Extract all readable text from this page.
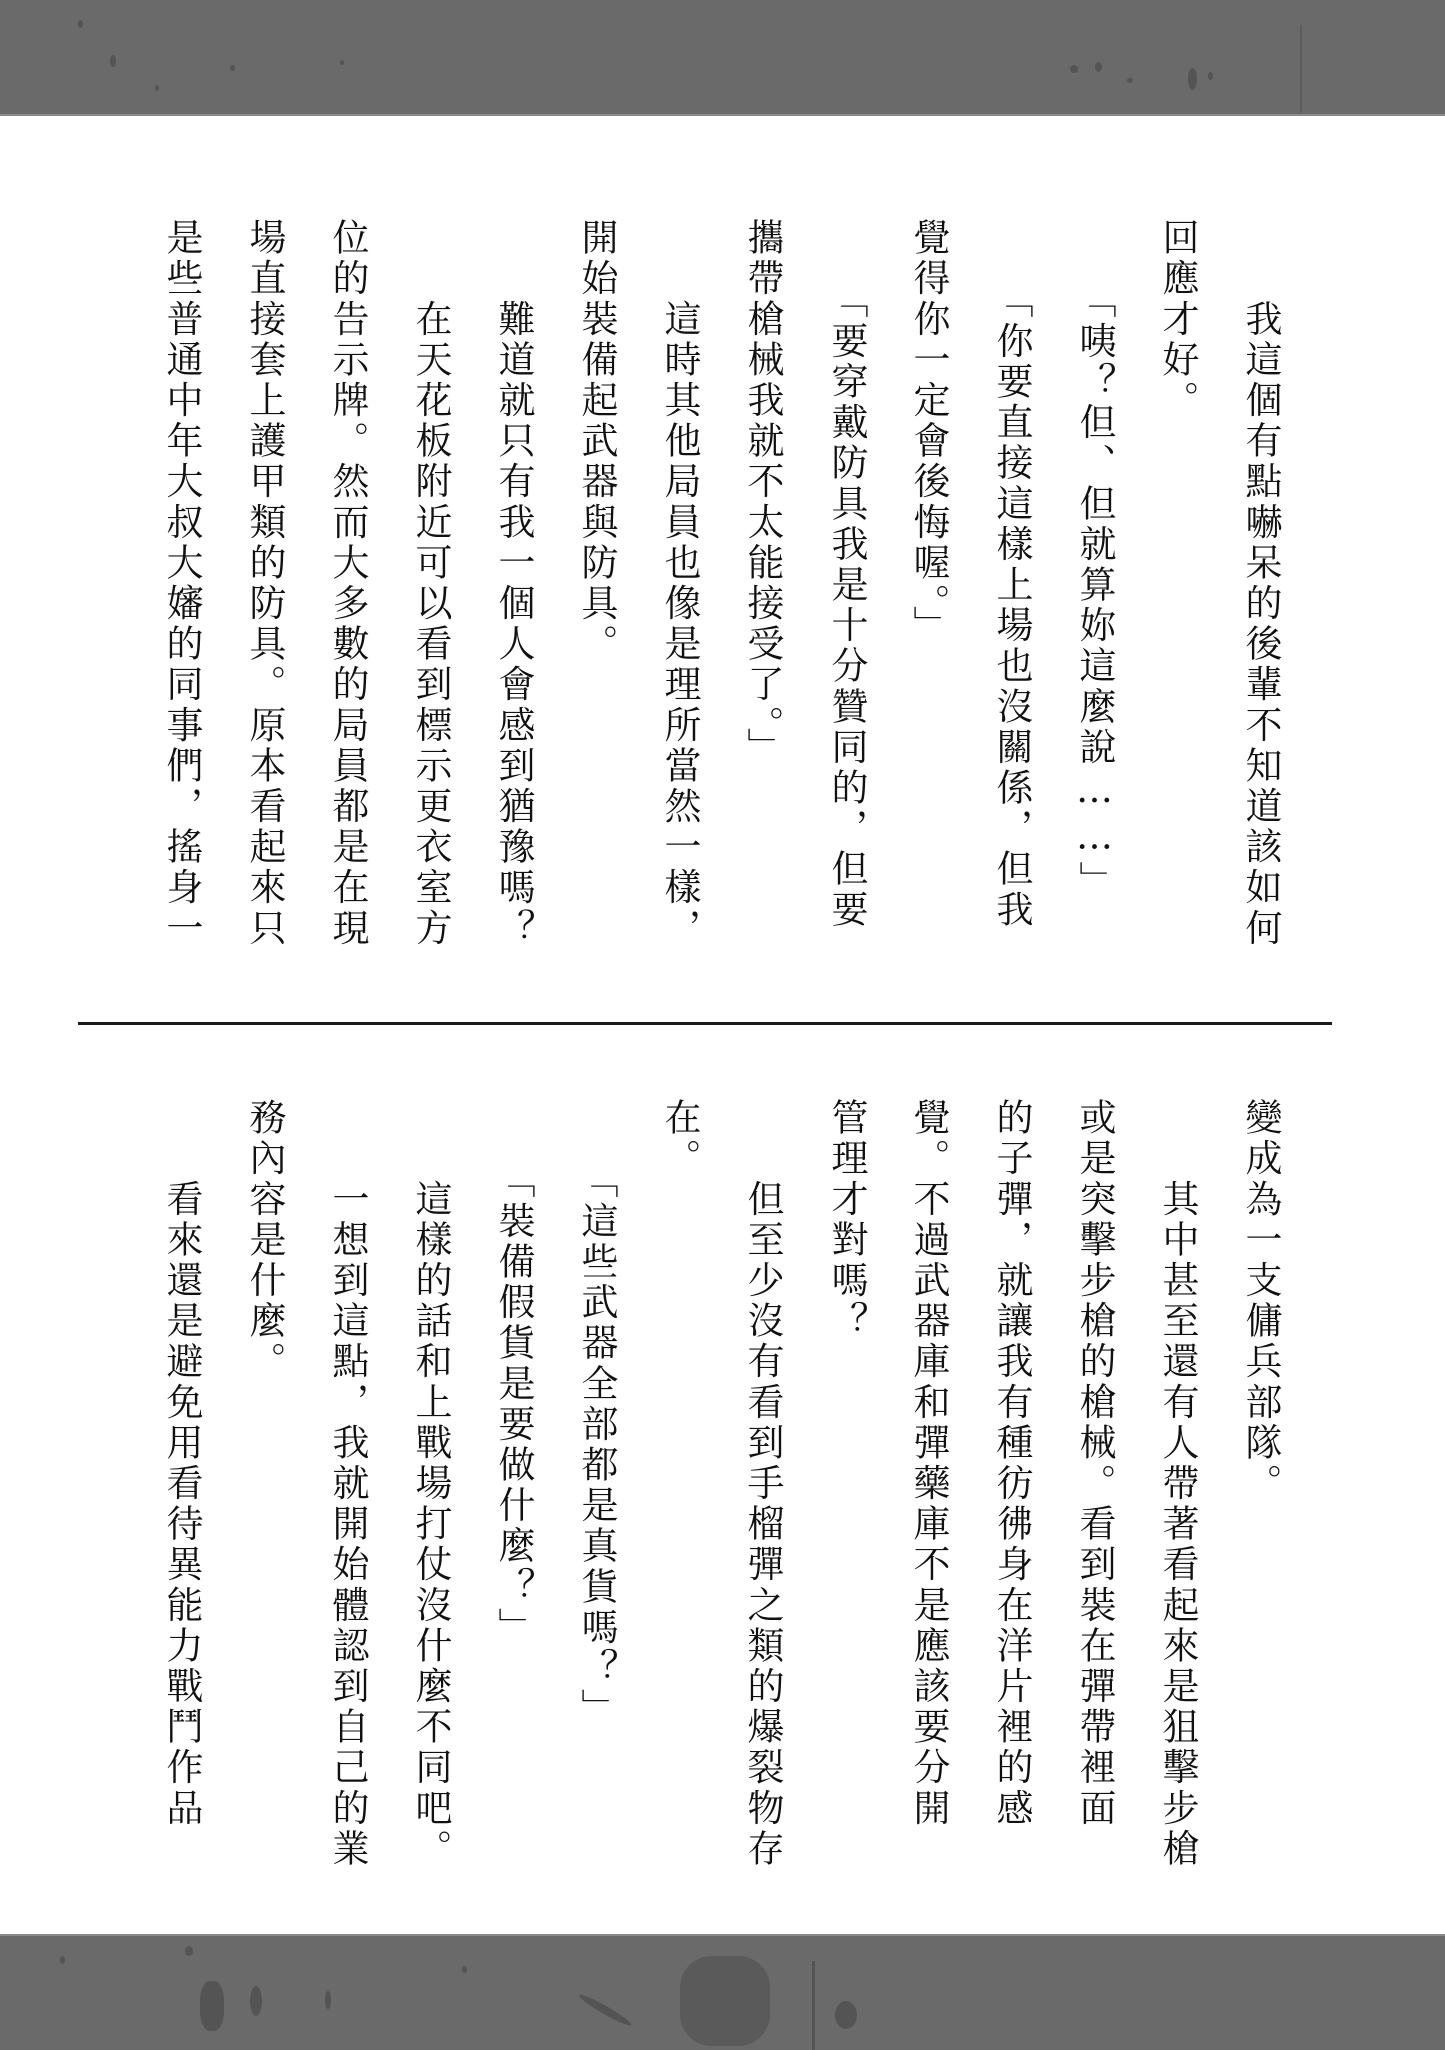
　　我這個有點嚇呆的後輩不知道該如何
回應才好。
　　「咦？但、但就算妳這麼說……」
　　「你要直接這樣上場也沒關係，但我
覺得你一定會後悔喔。」
　　「要穿戴防具我是十分贊同的，但要
攜帶槍械我就不太能接受了。」
　　這時其他局員也像是理所當然一樣，
開始裝備起武器與防具。
　　難道就只有我一個人會感到猶豫嗎？
　　在天花板附近可以看到標示更衣室方
位的告示牌。然而大多數的局員都是在現
場直接套上護甲類的防具。原本看起來只
是些普通中年大叔大嬸的同事們，搖身一
變成為一支傭兵部隊。
　　其中甚至還有人帶著看起來是狙擊步槍
或是突擊步槍的槍械。看到裝在彈帶裡面
的子彈，就讓我有種彷彿身在洋片裡的感
覺。不過武器庫和彈藥庫不是應該要分開
管理才對嗎？
　　但至少沒有看到手榴彈之類的爆裂物存
在。
　　「這些武器全部都是真貨嗎？」
　　「裝備假貨是要做什麼？」
　　這樣的話和上戰場打仗沒什麼不同吧。
　　一想到這點，我就開始體認到自己的業
務內容是什麼。
　　看來還是避免用看待異能力戰鬥作品
